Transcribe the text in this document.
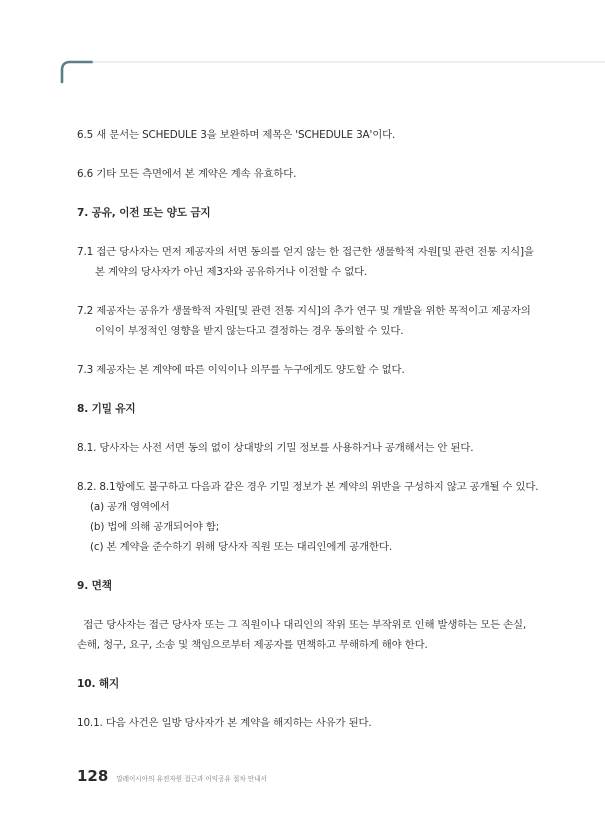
6.5 새 문서는 SCHEDULE 3을 보완하며 제목은 'SCHEDULE 3A'이다.
6.6 기타 모든 측면에서 본 계약은 계속 유효하다.
7. 공유, 이전 또는 양도 금지
7.1 접근 당사자는 먼저 제공자의 서면 동의를 얻지 않는 한 접근한 생물학적 자원[및 관련 전통 지식]을
본 계약의 당사자가 아닌 제3자와 공유하거나 이전할 수 없다.
7.2 제공자는 공유가 생물학적 자원[및 관련 전통 지식]의 추가 연구 및 개발을 위한 목적이고 제공자의
이익이 부정적인 영향을 받지 않는다고 결정하는 경우 동의할 수 있다.
7.3 제공자는 본 계약에 따른 이익이나 의무를 누구에게도 양도할 수 없다.
8. 기밀 유지
8.1. 당사자는 사전 서면 동의 없이 상대방의 기밀 정보를 사용하거나 공개해서는 안 된다.
8.2. 8.1항에도 불구하고 다음과 같은 경우 기밀 정보가 본 계약의 위반을 구성하지 않고 공개될 수 있다.
(a) 공개 영역에서
(b) 법에 의해 공개되어야 함;
(c) 본 계약을 준수하기 위해 당사자 직원 또는 대리인에게 공개한다.
9. 면책
접근 당사자는 접근 당사자 또는 그 직원이나 대리인의 작위 또는 부작위로 인해 발생하는 모든 손실,
손해, 청구, 요구, 소송 및 책임으로부터 제공자를 면책하고 무해하게 해야 한다.
10. 해지
10.1. 다음 사건은 일방 당사자가 본 계약을 해지하는 사유가 된다.
128 말레이시아의 유전자원 접근과 이익공유 절차 안내서
